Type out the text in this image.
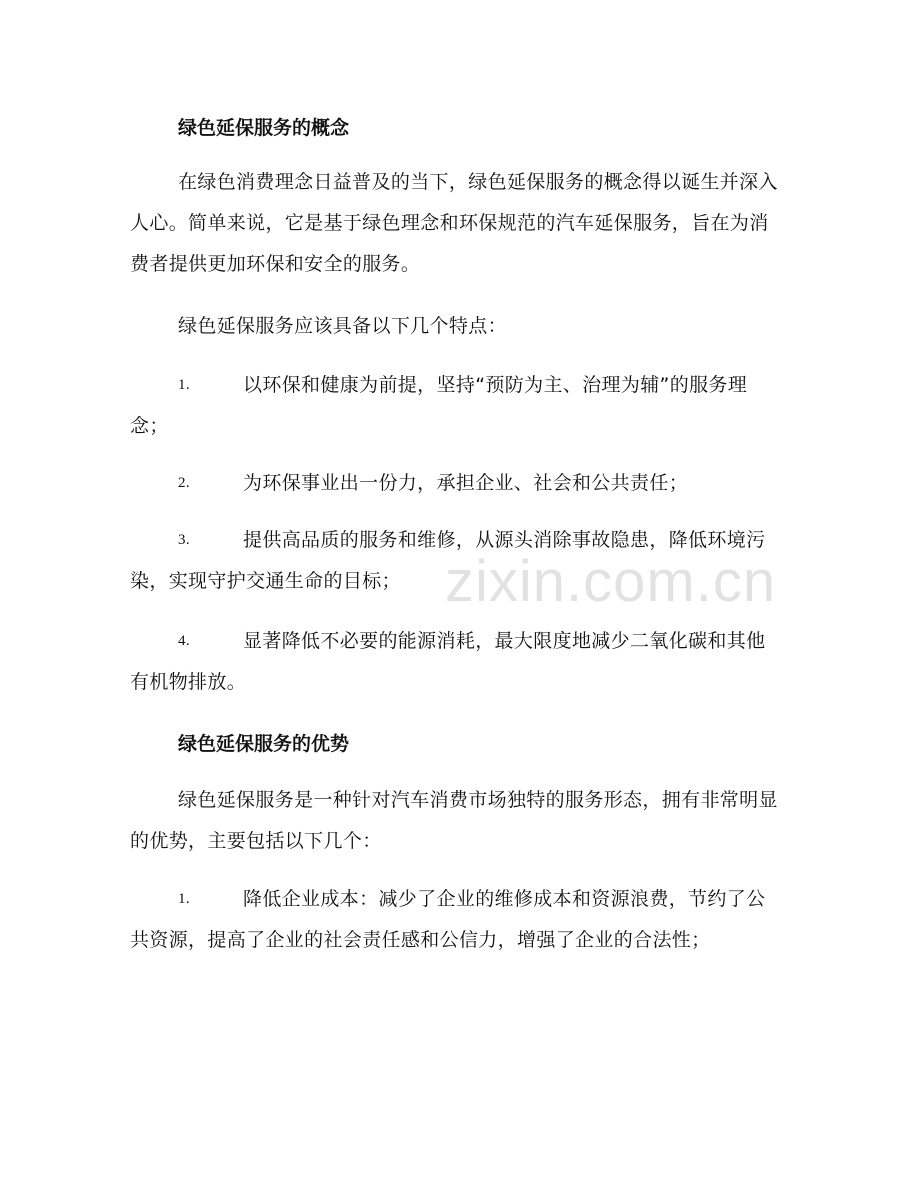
绿色延保服务的概念
在绿色消费理念日益普及的当下，绿色延保服务的概念得以诞生并深入人心。简单来说，它是基于绿色理念和环保规范的汽车延保服务，旨在为消费者提供更加环保和安全的服务。
绿色延保服务应该具备以下几个特点：
1.	以环保和健康为前提，坚持“预防为主、治理为辅”的服务理念；
2.	为环保事业出一份力，承担企业、社会和公共责任；
3.	提供高品质的服务和维修，从源头消除事故隐患，降低环境污染，实现守护交通生命的目标；
4.	显著降低不必要的能源消耗，最大限度地减少二氧化碳和其他有机物排放。
绿色延保服务的优势
绿色延保服务是一种针对汽车消费市场独特的服务形态，拥有非常明显的优势，主要包括以下几个：
1.	降低企业成本：减少了企业的维修成本和资源浪费，节约了公共资源，提高了企业的社会责任感和公信力，增强了企业的合法性；
zixin.com.cn
